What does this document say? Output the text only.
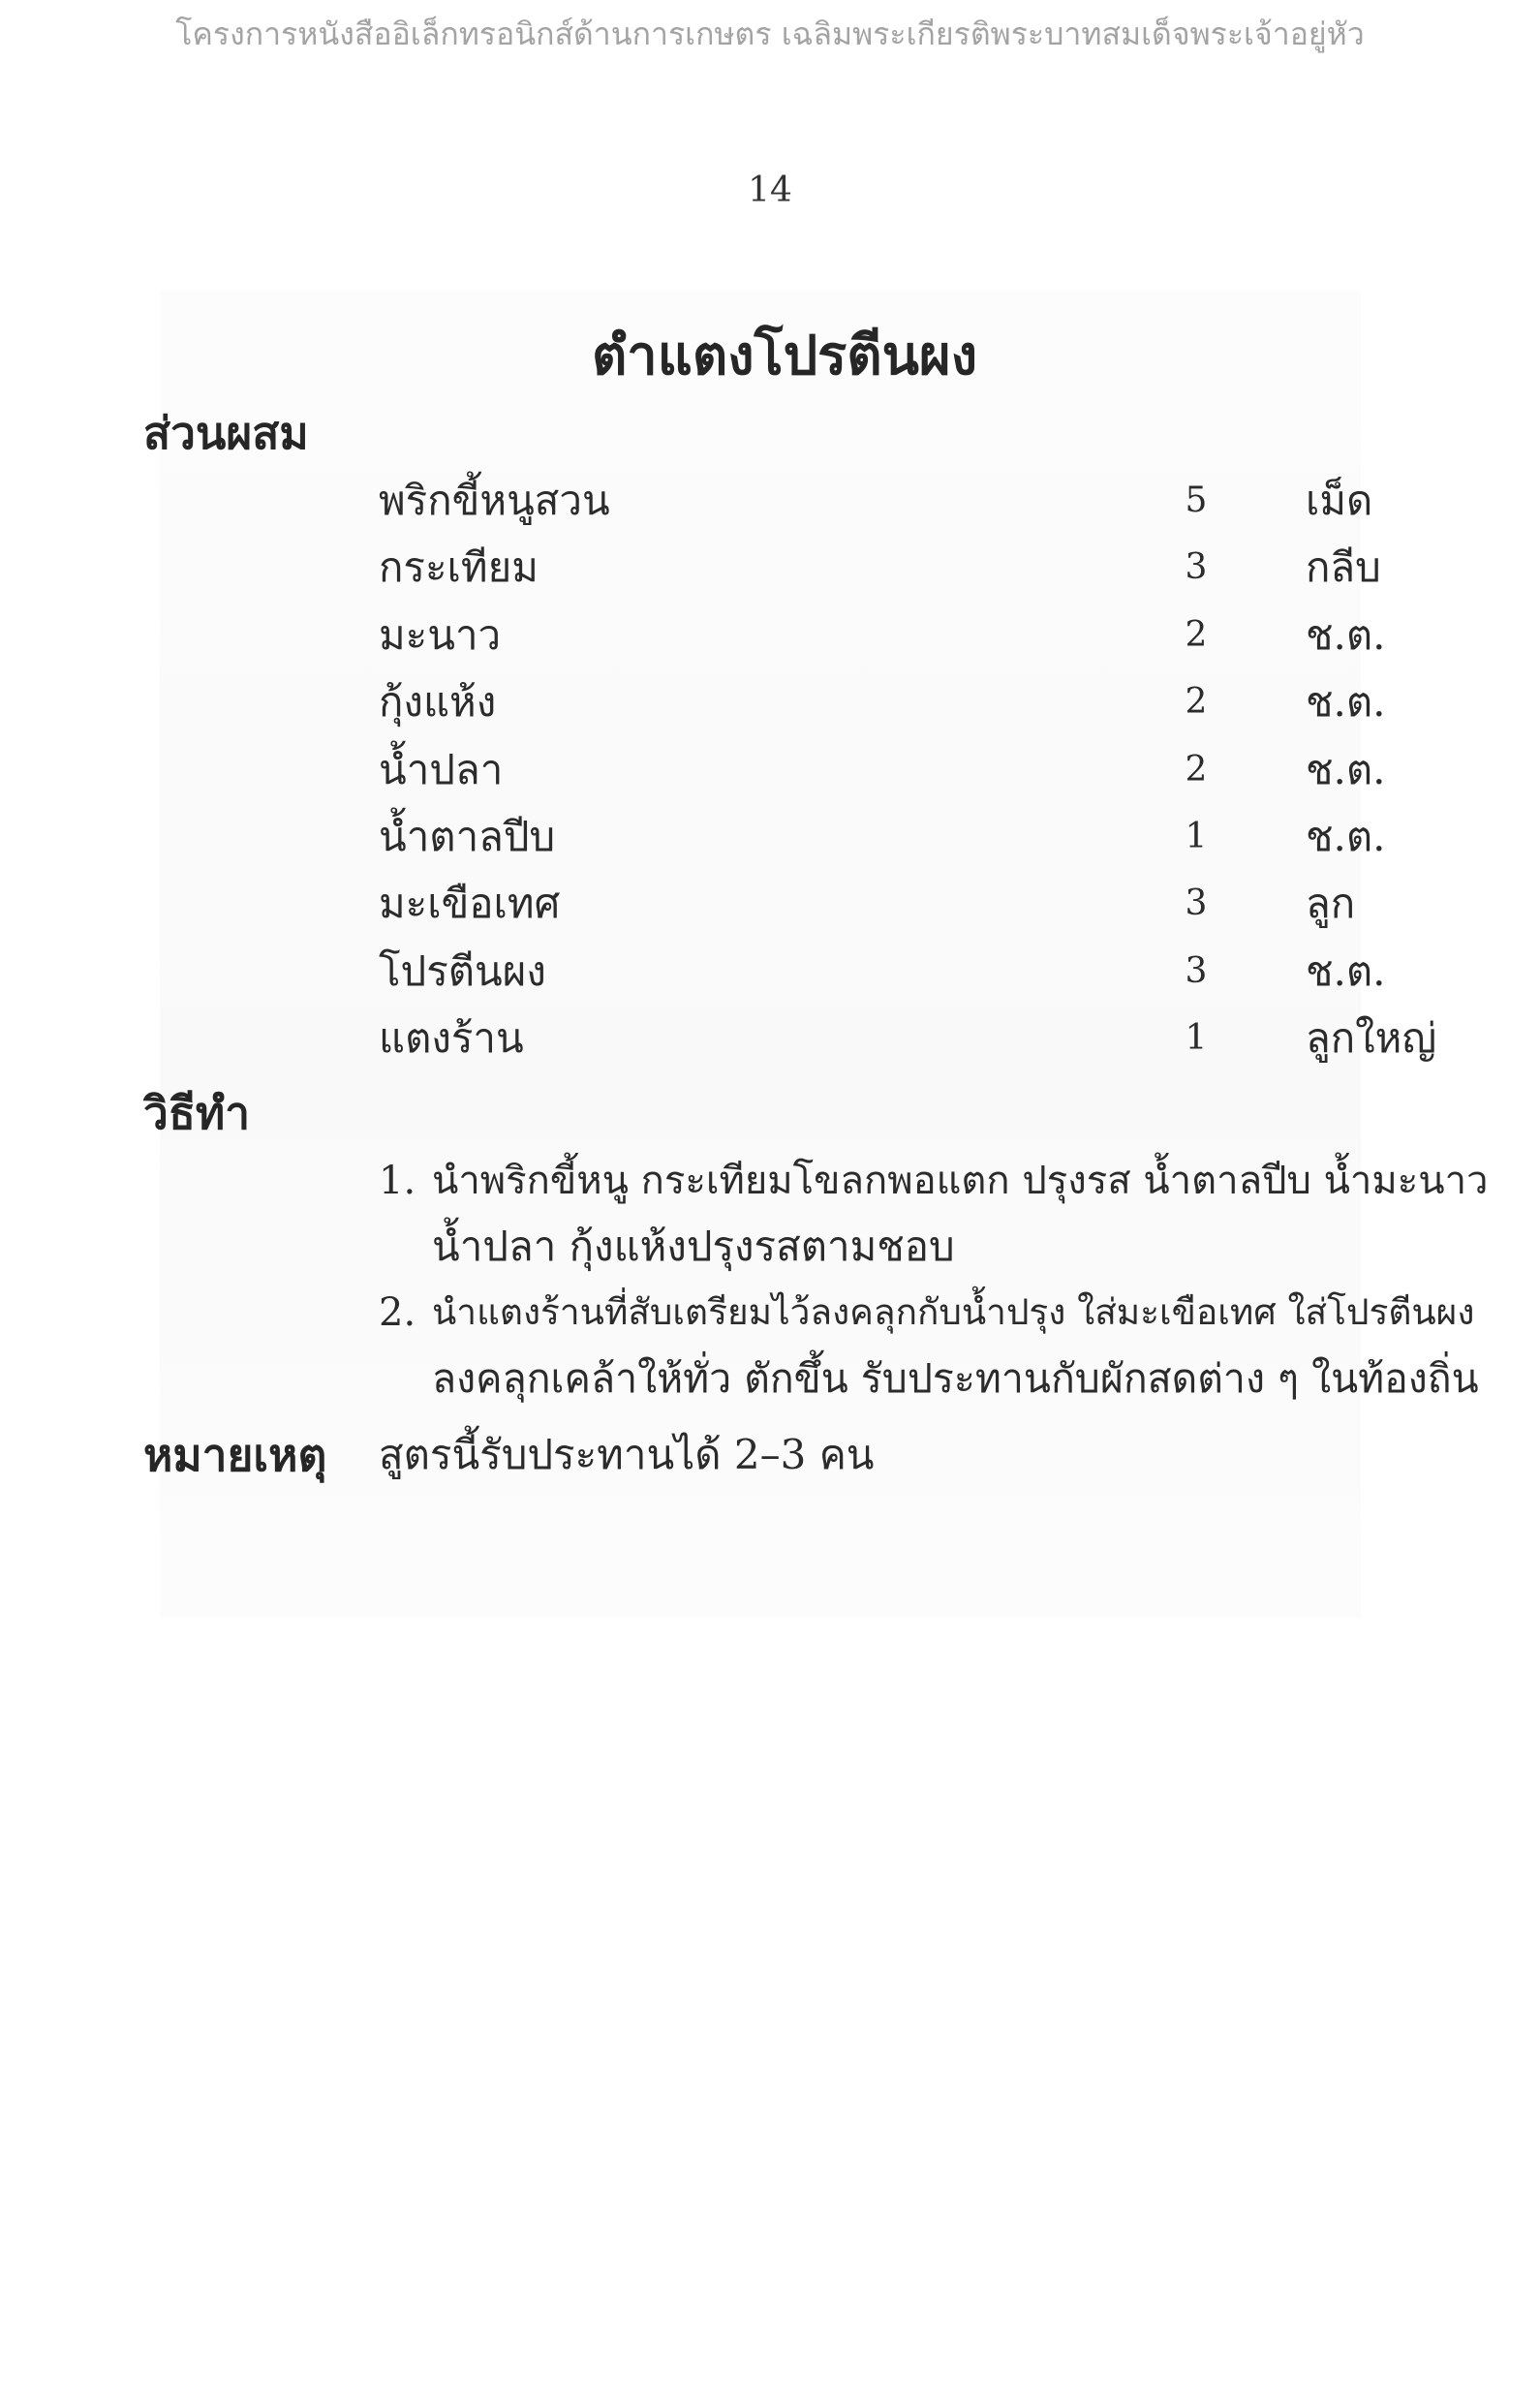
โครงการหนังสืออิเล็กทรอนิกส์ด้านการเกษตร เฉลิมพระเกียรติพระบาทสมเด็จพระเจ้าอยู่หัว
14
ตำแตงโปรตีนผง
ส่วนผสม
พริกขี้หนูสวน	5	เม็ด
กระเทียม	3	กลีบ
มะนาว	2	ช.ต.
กุ้งแห้ง	2	ช.ต.
น้ำปลา	2	ช.ต.
น้ำตาลปีบ	1	ช.ต.
มะเขือเทศ	3	ลูก
โปรตีนผง	3	ช.ต.
แตงร้าน	1	ลูกใหญ่
วิธีทำ
1. นำพริกขี้หนู กระเทียมโขลกพอแตก ปรุงรส น้ำตาลปีบ น้ำมะนาว
น้ำปลา กุ้งแห้งปรุงรสตามชอบ
2. นำแตงร้านที่สับเตรียมไว้ลงคลุกกับน้ำปรุง ใส่มะเขือเทศ ใส่โปรตีนผง
ลงคลุกเคล้าให้ทั่ว ตักขึ้น รับประทานกับผักสดต่าง ๆ ในท้องถิ่น
หมายเหตุ	สูตรนี้รับประทานได้ 2–3 คน
